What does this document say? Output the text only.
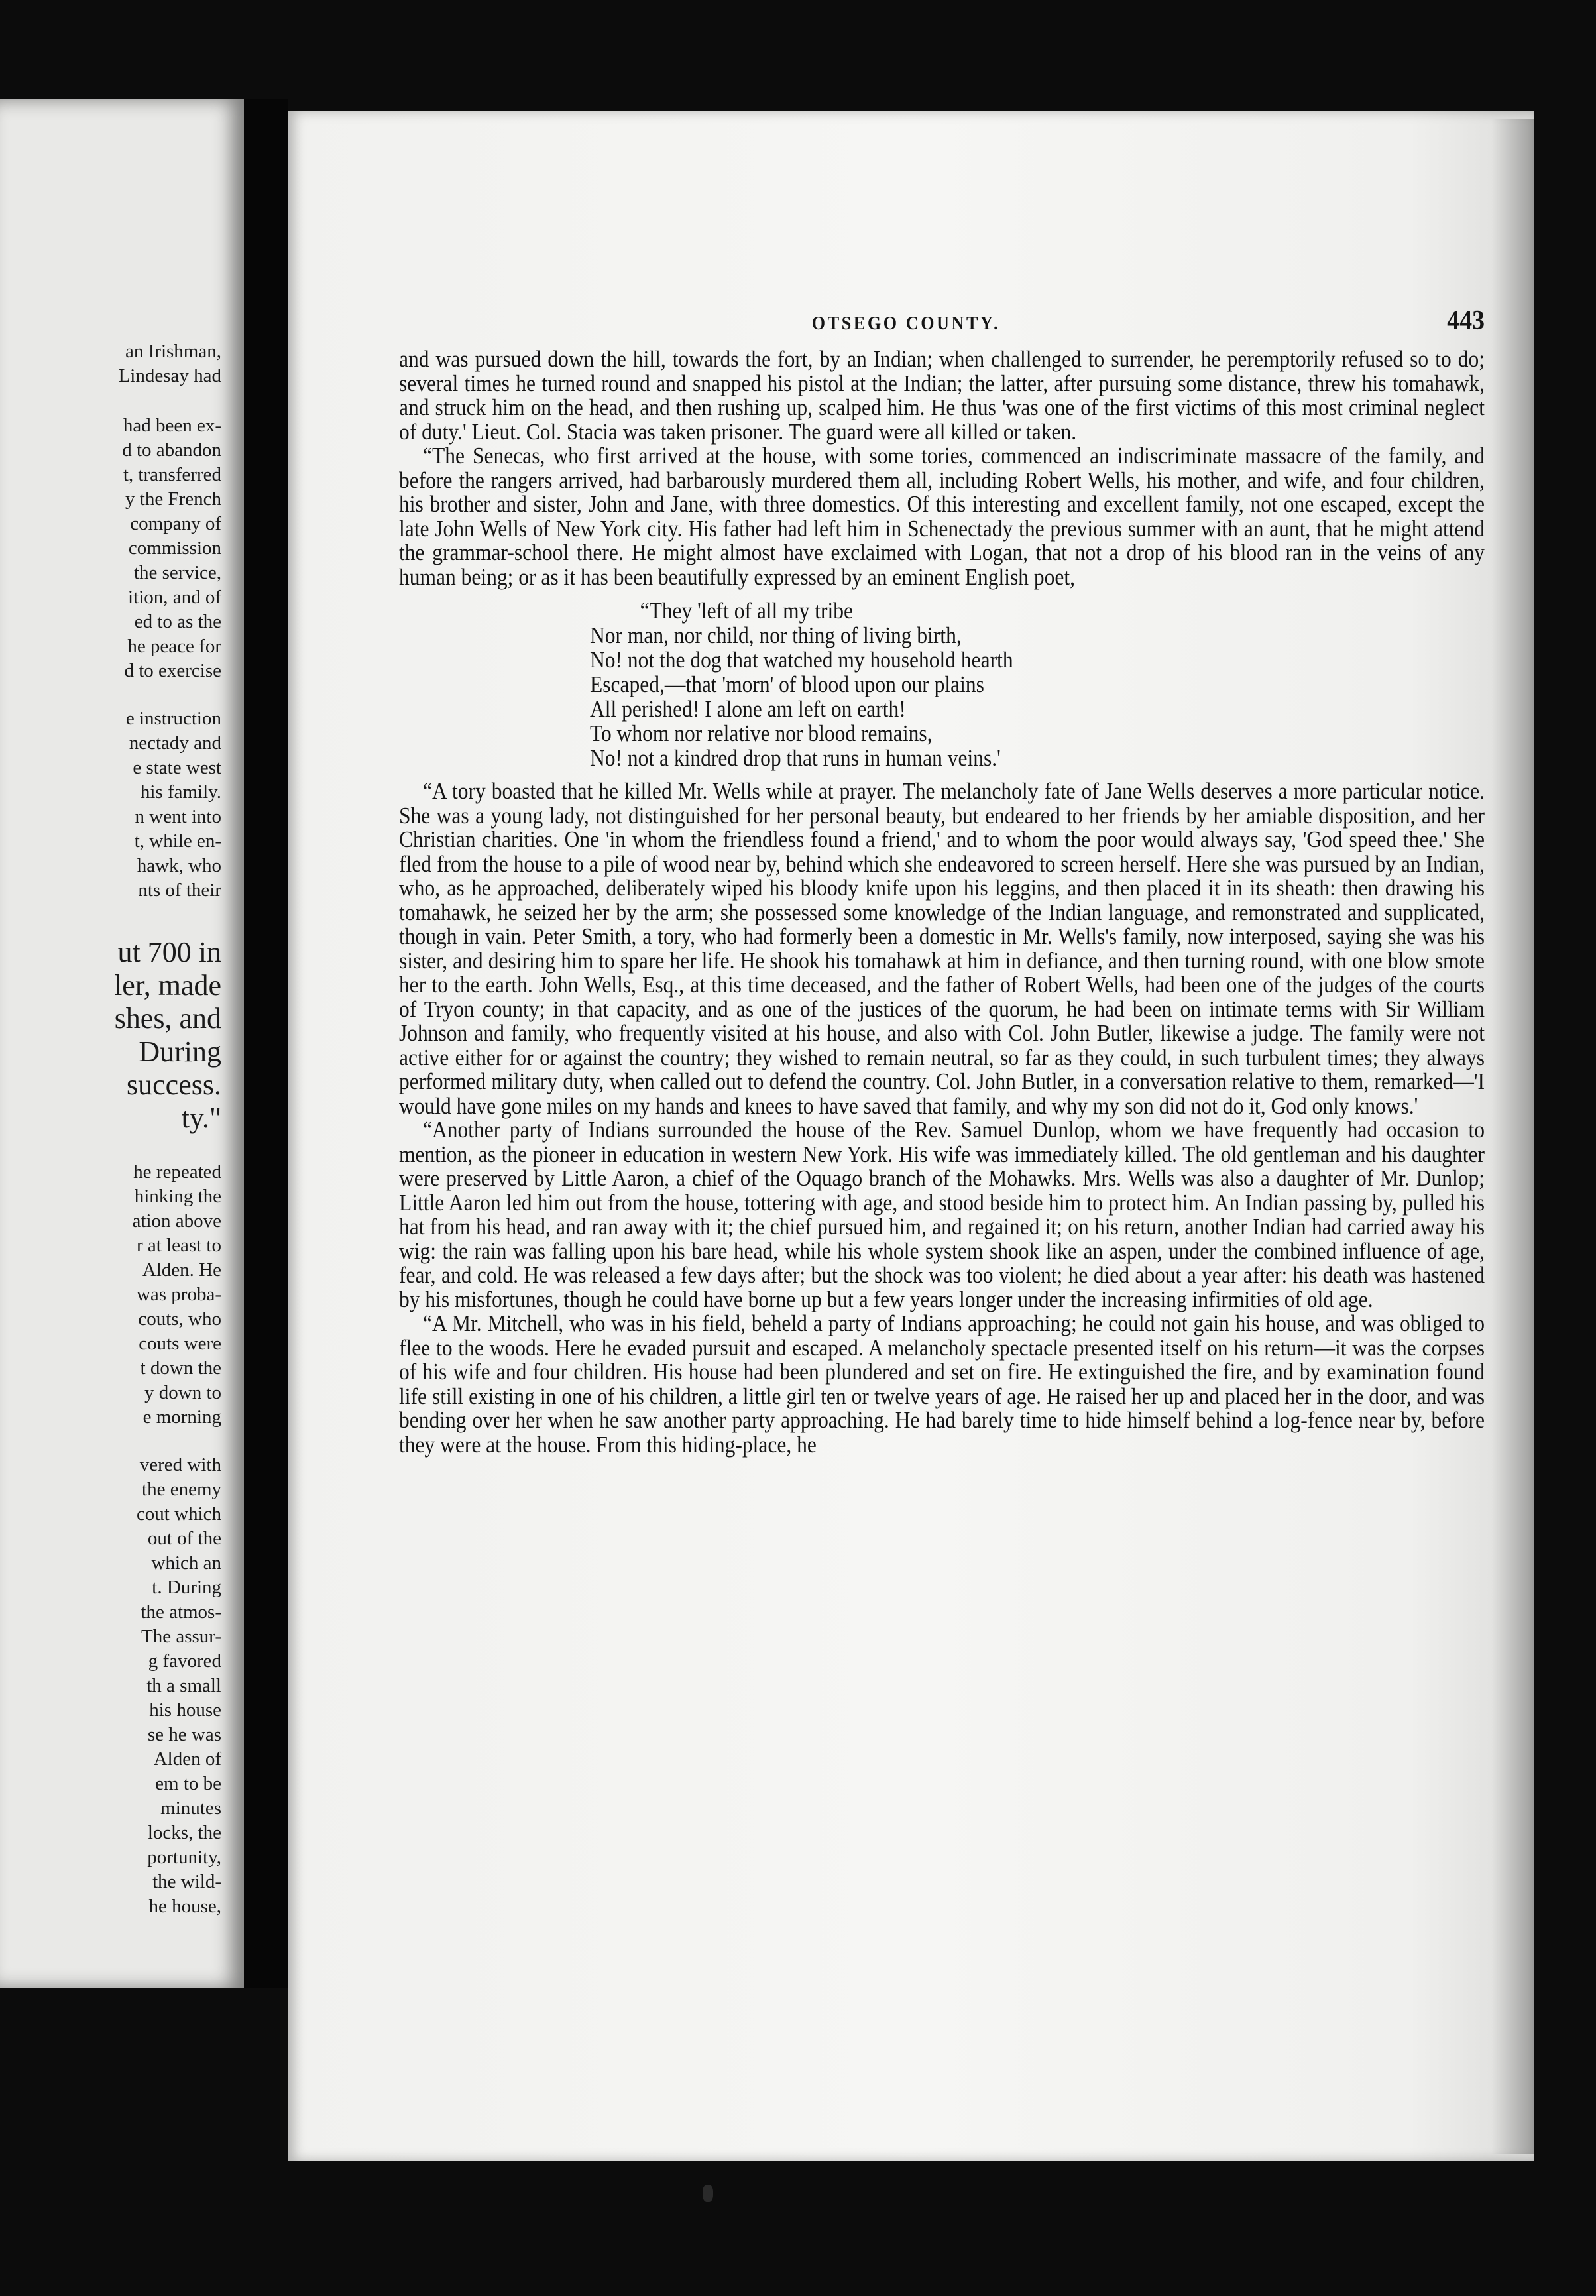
an Irishman,
Lindesay had
had been ex-
d to abandon
t, transferred
y the French
company of
commission
the service,
ition, and of
ed to as the
he peace for
d to exercise
e instruction
nectady and
e state west
his family.
n went into
t, while en-
hawk, who
nts of their
ut 700 in
ler, made
shes, and
During
success.
ty."
he repeated
hinking the
ation above
r at least to
Alden. He
was proba-
couts, who
couts were
t down the
y down to
e morning
vered with
the enemy
cout which
out of the
which an
t. During
the atmos-
The assur-
g favored
th a small
his house
se he was
Alden of
em to be
minutes
locks, the
portunity,
the wild-
he house,
OTSEGO COUNTY.	443

and was pursued down the hill, towards the fort, by an Indian; when challenged to surrender, he peremptorily refused so to do; several times he turned round and snapped his pistol at the Indian; the latter, after pursuing some distance, threw his tomahawk, and struck him on the head, and then rushing up, scalped him. He thus 'was one of the first victims of this most criminal neglect of duty.' Lieut. Col. Stacia was taken prisoner. The guard were all killed or taken.

“The Senecas, who first arrived at the house, with some tories, commenced an indiscriminate massacre of the family, and before the rangers arrived, had barbarously murdered them all, including Robert Wells, his mother, and wife, and four children, his brother and sister, John and Jane, with three domestics. Of this interesting and excellent family, not one escaped, except the late John Wells of New York city. His father had left him in Schenectady the previous summer with an aunt, that he might attend the grammar-school there. He might almost have exclaimed with Logan, that not a drop of his blood ran in the veins of any human being; or as it has been beautifully expressed by an eminent English poet,

“They 'left of all my tribe
Nor man, nor child, nor thing of living birth,
No! not the dog that watched my household hearth
Escaped,—that 'morn' of blood upon our plains
All perished! I alone am left on earth!
To whom nor relative nor blood remains,
No! not a kindred drop that runs in human veins.'

“A tory boasted that he killed Mr. Wells while at prayer. The melancholy fate of Jane Wells deserves a more particular notice. She was a young lady, not distinguished for her personal beauty, but endeared to her friends by her amiable disposition, and her Christian charities. One 'in whom the friendless found a friend,' and to whom the poor would always say, 'God speed thee.' She fled from the house to a pile of wood near by, behind which she endeavored to screen herself. Here she was pursued by an Indian, who, as he approached, deliberately wiped his bloody knife upon his leggins, and then placed it in its sheath: then drawing his tomahawk, he seized her by the arm; she possessed some knowledge of the Indian language, and remonstrated and supplicated, though in vain. Peter Smith, a tory, who had formerly been a domestic in Mr. Wells's family, now interposed, saying she was his sister, and desiring him to spare her life. He shook his tomahawk at him in defiance, and then turning round, with one blow smote her to the earth. John Wells, Esq., at this time deceased, and the father of Robert Wells, had been one of the judges of the courts of Tryon county; in that capacity, and as one of the justices of the quorum, he had been on intimate terms with Sir William Johnson and family, who frequently visited at his house, and also with Col. John Butler, likewise a judge. The family were not active either for or against the country; they wished to remain neutral, so far as they could, in such turbulent times; they always performed military duty, when called out to defend the country. Col. John Butler, in a conversation relative to them, remarked—'I would have gone miles on my hands and knees to have saved that family, and why my son did not do it, God only knows.'

“Another party of Indians surrounded the house of the Rev. Samuel Dunlop, whom we have frequently had occasion to mention, as the pioneer in education in western New York. His wife was immediately killed. The old gentleman and his daughter were preserved by Little Aaron, a chief of the Oquago branch of the Mohawks. Mrs. Wells was also a daughter of Mr. Dunlop; Little Aaron led him out from the house, tottering with age, and stood beside him to protect him. An Indian passing by, pulled his hat from his head, and ran away with it; the chief pursued him, and regained it; on his return, another Indian had carried away his wig: the rain was falling upon his bare head, while his whole system shook like an aspen, under the combined influence of age, fear, and cold. He was released a few days after; but the shock was too violent; he died about a year after: his death was hastened by his misfortunes, though he could have borne up but a few years longer under the increasing infirmities of old age.

“A Mr. Mitchell, who was in his field, beheld a party of Indians approaching; he could not gain his house, and was obliged to flee to the woods. Here he evaded pursuit and escaped. A melancholy spectacle presented itself on his return—it was the corpses of his wife and four children. His house had been plundered and set on fire. He extinguished the fire, and by examination found life still existing in one of his children, a little girl ten or twelve years of age. He raised her up and placed her in the door, and was bending over her when he saw another party approaching. He had barely time to hide himself behind a log-fence near by, before they were at the house. From this hiding-place, he
